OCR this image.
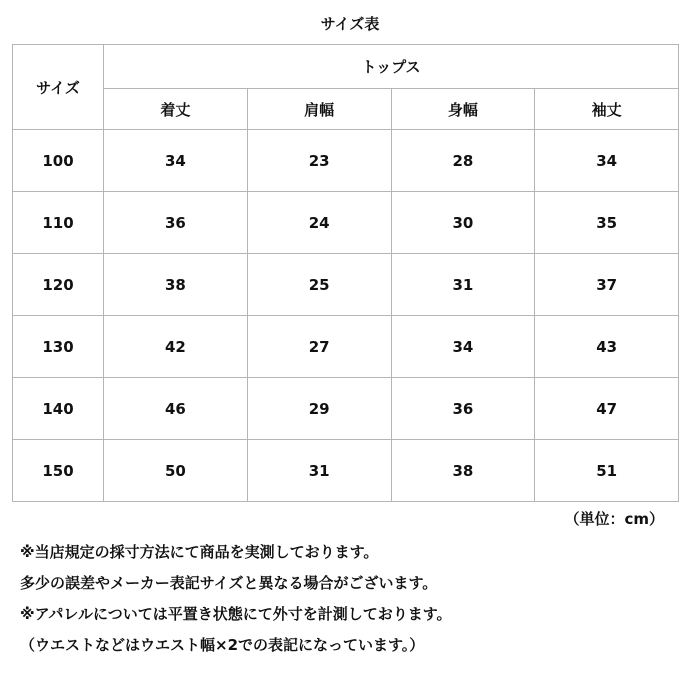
サイズ表
サイズ	トップス			
	着丈	肩幅	身幅	袖丈
100	34	23	28	34
110	36	24	30	35
120	38	25	31	37
130	42	27	34	43
140	46	29	36	47
150	50	31	38	51
（単位：cm）
※当店規定の採寸方法にて商品を実測しております。
多少の誤差やメーカー表記サイズと異なる場合がございます。
※アパレルについては平置き状態にて外寸を計測しております。
（ウエストなどはウエスト幅×2での表記になっています。）
